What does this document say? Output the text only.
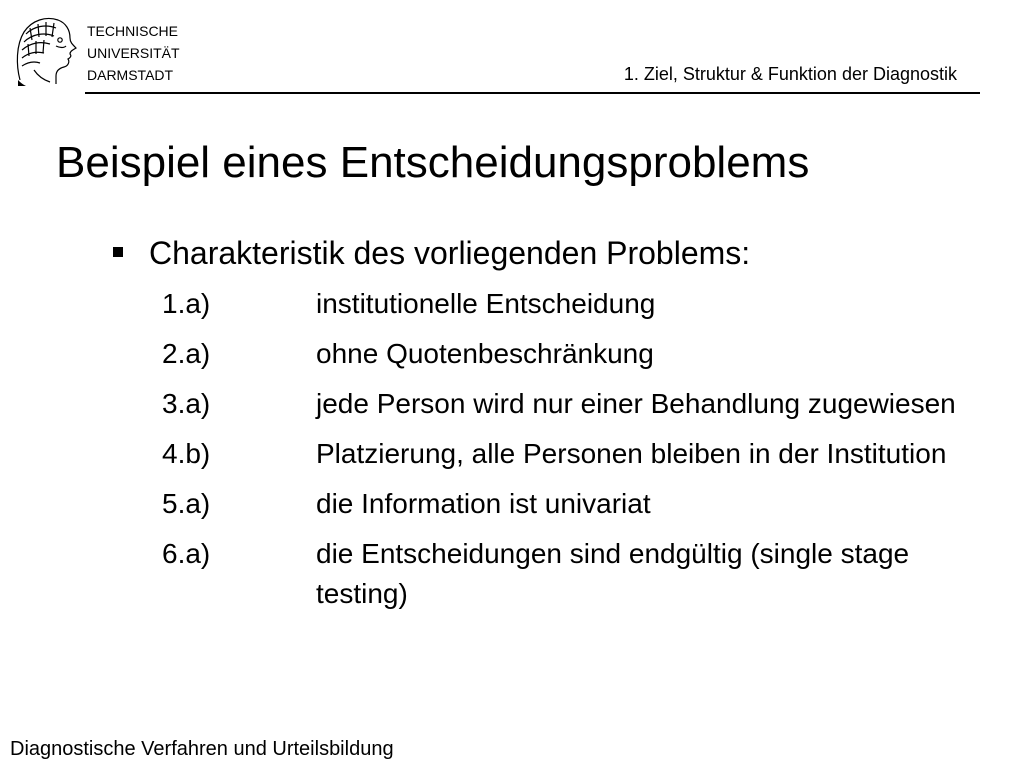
TECHNISCHE
UNIVERSITÄT
DARMSTADT	1. Ziel, Struktur & Funktion der Diagnostik
Beispiel eines Entscheidungsproblems
Charakteristik des vorliegenden Problems:
1.a)	institutionelle Entscheidung
2.a)	ohne Quotenbeschränkung
3.a)	jede Person wird nur einer Behandlung zugewiesen
4.b)	Platzierung, alle Personen bleiben in der Institution
5.a)	die Information ist univariat
6.a)	die Entscheidungen sind endgültig (single stage testing)
Diagnostische Verfahren und Urteilsbildung
